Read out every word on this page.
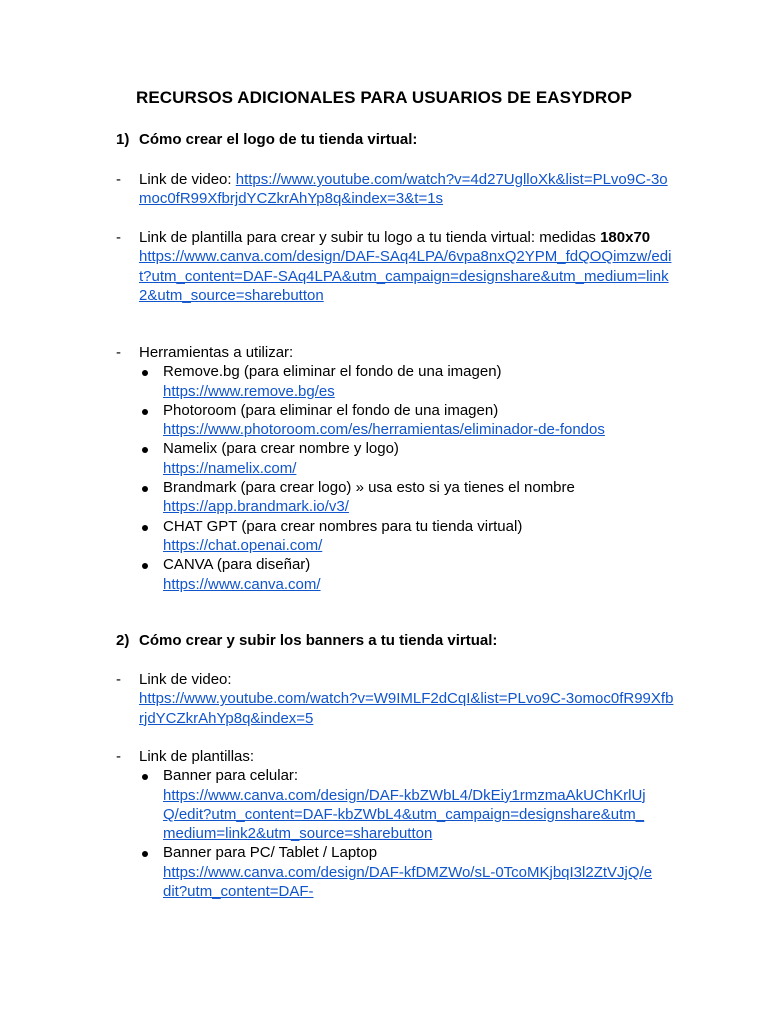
RECURSOS ADICIONALES PARA USUARIOS DE EASYDROP
1) Cómo crear el logo de tu tienda virtual:
- Link de video: https://www.youtube.com/watch?v=4d27UglloXk&list=PLvo9C-3omoc0fR99XfbrjdYCZkrAhYp8q&index=3&t=1s
- Link de plantilla para crear y subir tu logo a tu tienda virtual: medidas 180x70
https://www.canva.com/design/DAF-SAq4LPA/6vpa8nxQ2YPM_fdQOQimzw/edit?utm_content=DAF-SAq4LPA&utm_campaign=designshare&utm_medium=link2&utm_source=sharebutton
- Herramientas a utilizar:
Remove.bg (para eliminar el fondo de una imagen)
https://www.remove.bg/es
Photoroom (para eliminar el fondo de una imagen)
https://www.photoroom.com/es/herramientas/eliminador-de-fondos
Namelix (para crear nombre y logo)
https://namelix.com/
Brandmark (para crear logo) » usa esto si ya tienes el nombre
https://app.brandmark.io/v3/
CHAT GPT (para crear nombres para tu tienda virtual)
https://chat.openai.com/
CANVA (para diseñar)
https://www.canva.com/
2) Cómo crear y subir los banners a tu tienda virtual:
- Link de video:
https://www.youtube.com/watch?v=W9IMLF2dCqI&list=PLvo9C-3omoc0fR99XfbrjdYCZkrAhYp8q&index=5
- Link de plantillas:
Banner para celular:
https://www.canva.com/design/DAF-kbZWbL4/DkEiy1rmzmaAkUChKrlUjQ/edit?utm_content=DAF-kbZWbL4&utm_campaign=designshare&utm_medium=link2&utm_source=sharebutton
Banner para PC/ Tablet / Laptop
https://www.canva.com/design/DAF-kfDMZWo/sL-0TcoMKjbqI3l2ZtVJjQ/edit?utm_content=DAF-
